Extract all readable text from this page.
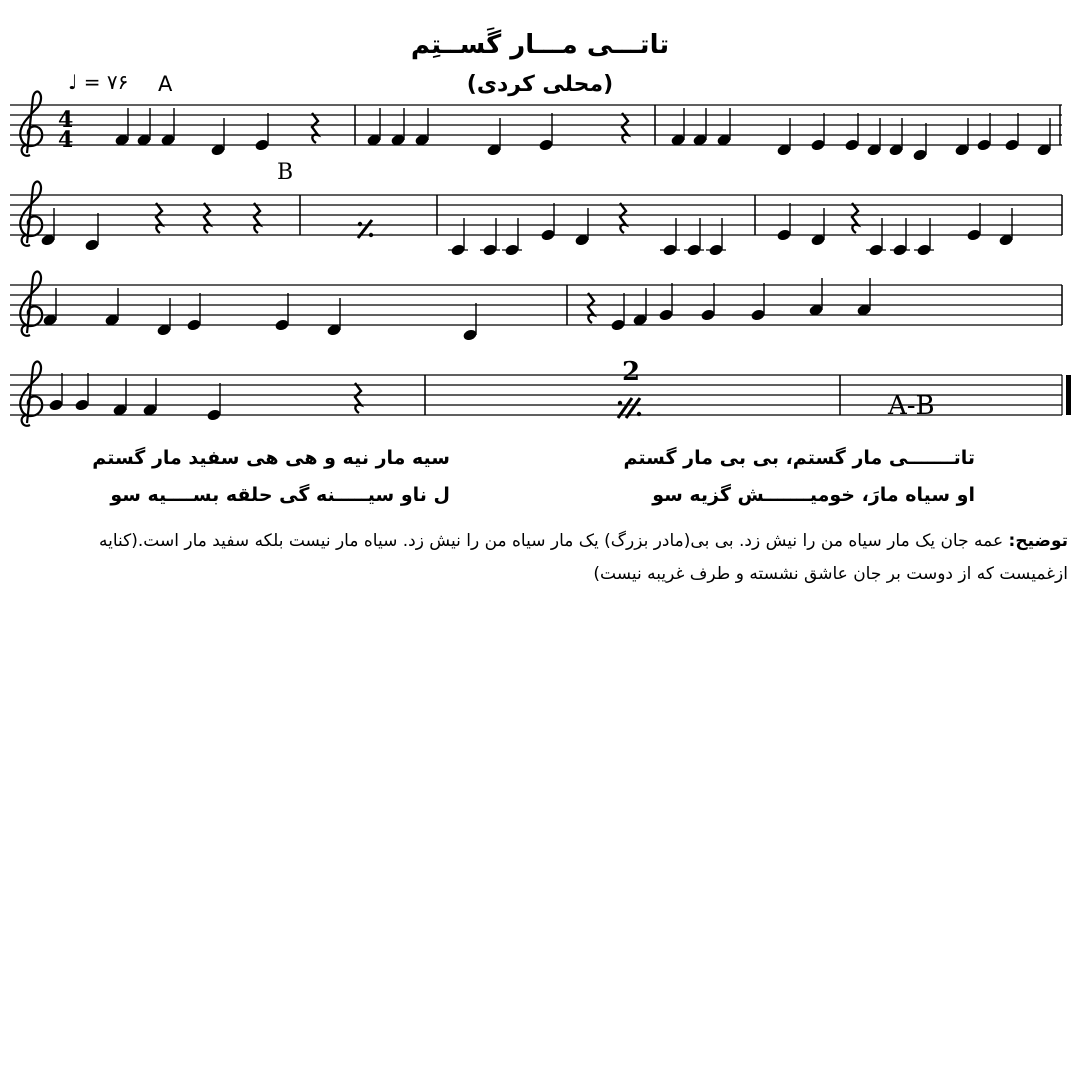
تاتـــی مـــار گَســتِم
(محلی کردی)
♩ = ۷۶ A
B
4
4
2
A-B
تاتـــــــی مار گستم، بی بی مار گستم
او سیاه مارَ، خومیـــــــش گزیه سو
سیه مار نیه و هی هی سفید مار گستم
ل ناو سیـــــنه گی حلقه بســــیه سو
توضیح: عمه جان یک مار سیاه من را نیش زد. بی بی(مادر بزرگ) یک مار سیاه من را نیش زد. سیاه مار نیست بلکه سفید مار است.(کنایه ازغمیست که از دوست بر جان عاشق نشسته و طرف غریبه نیست)
